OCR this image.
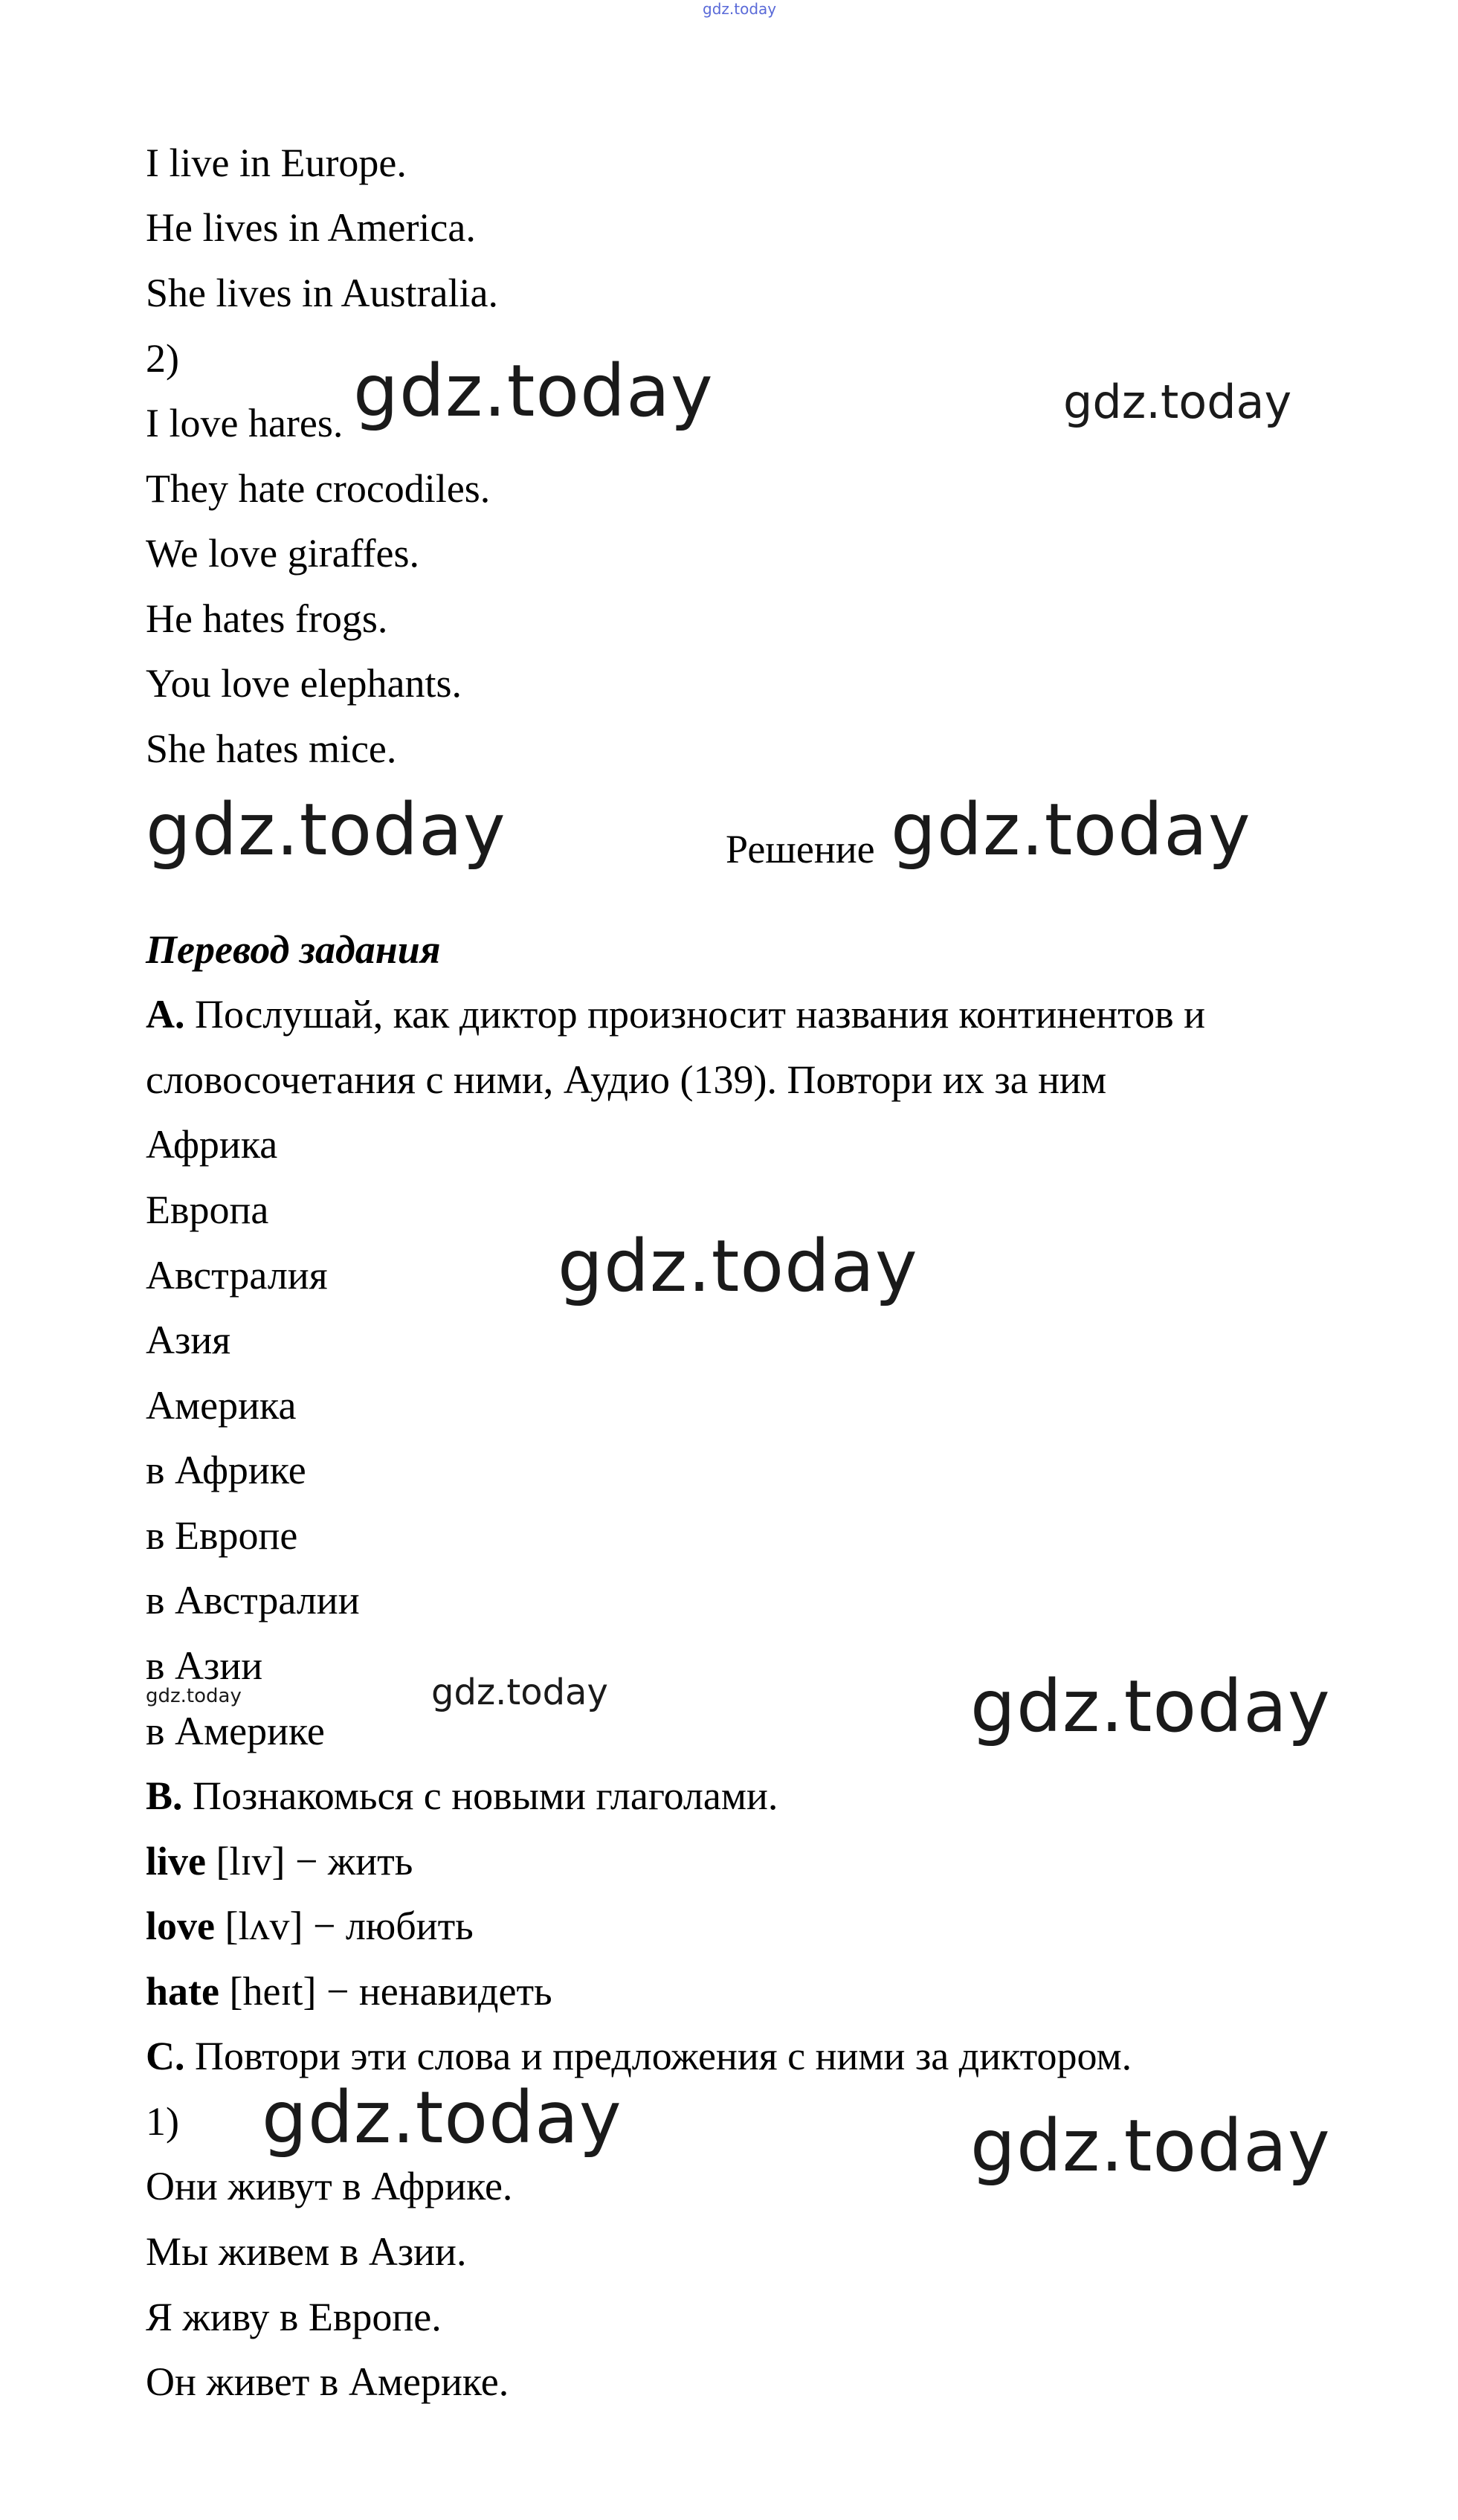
gdz.today
I live in Europe.
He lives in America.
She lives in Australia.
2)
I love hares.
They hate crocodiles.
We love giraffes.
He hates frogs.
You love elephants.
She hates mice.
gdz.today	gdz.today
gdz.today	Решение gdz.today
Перевод задания
A. Послушай, как диктор произносит названия континентов и
словосочетания с ними, Аудио (139). Повтори их за ним
Африка
Европа
Австралия
Азия
Америка
в Африке
в Европе
в Австралии
в Азии
в Америке
gdz.today
gdz.today	gdz.today	gdz.today
B. Познакомься с новыми глаголами.
live [lɪv] − жить
love [lʌv] − любить
hate [heɪt] − ненавидеть
C. Повтори эти слова и предложения с ними за диктором.
1)
Они живут в Африке.
Мы живем в Азии.
Я живу в Европе.
Он живет в Америке.
gdz.today	gdz.today
